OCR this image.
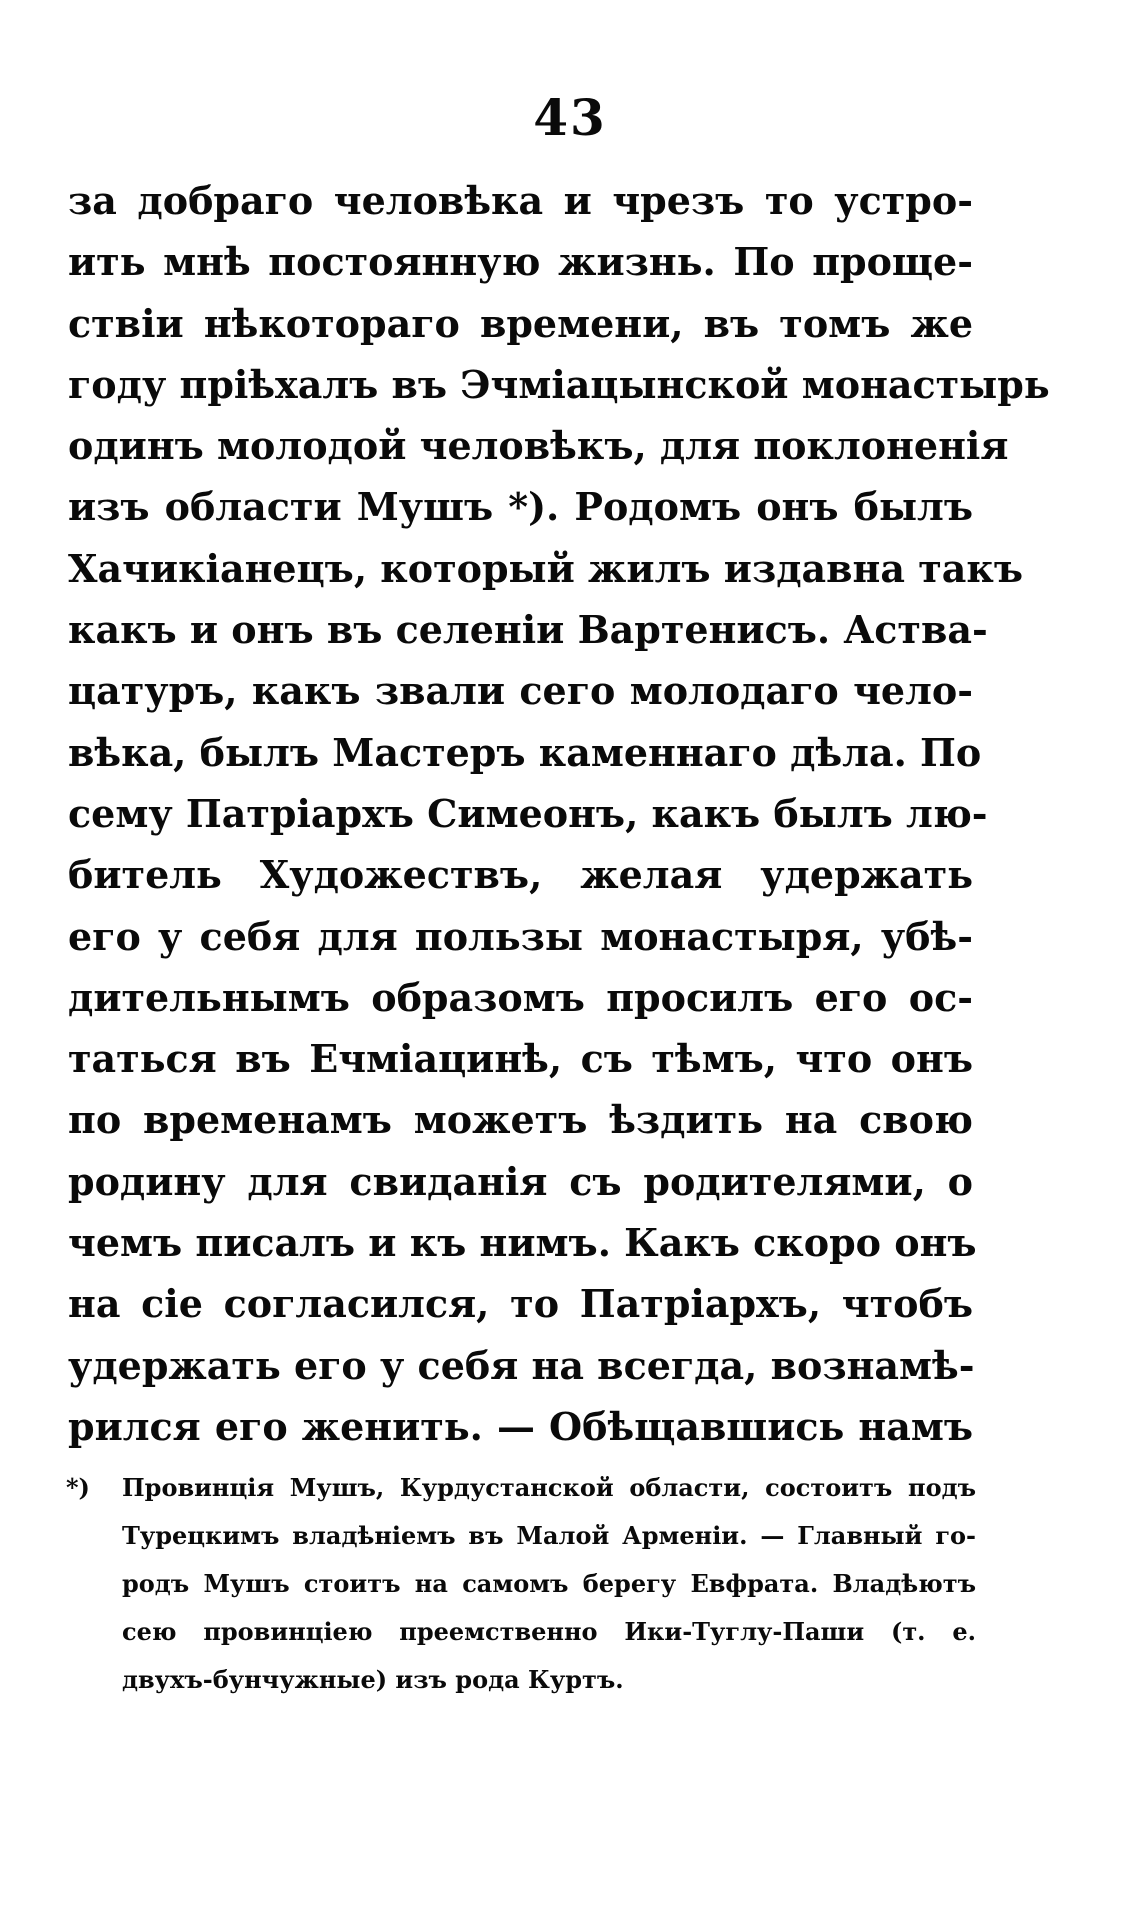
43
за добраго человѣка и чрезъ то устро-
ить мнѣ постоянную жизнь. По проще-
ствіи нѣкотораго времени, въ томъ же
году пріѣхалъ въ Эчміацынской монастырь
одинъ молодой человѣкъ, для поклоненія
изъ области Мушъ *). Родомъ онъ былъ
Хачикіанецъ, который жилъ издавна такъ
какъ и онъ въ селеніи Вартенисъ. Аства-
цатуръ, какъ звали сего молодаго чело-
вѣка, былъ Мастеръ каменнаго дѣла. По
сему Патріархъ Симеонъ, какъ былъ лю-
битель Художествъ, желая удержать
его у себя для пользы монастыря, убѣ-
дительнымъ образомъ просилъ его ос-
таться въ Ечміацинѣ, съ тѣмъ, что онъ
по временамъ можетъ ѣздить на свою
родину для свиданія съ родителями, о
чемъ писалъ и къ нимъ. Какъ скоро онъ
на сіе согласился, то Патріархъ, чтобъ
удержать его у себя на всегда, вознамѣ-
рился его женить. — Обѣщавшись намъ
*) Провинція Мушъ, Курдустанской области, состоитъ подъ
Турецкимъ владѣніемъ въ Малой Арменіи. — Главный го-
родъ Мушъ стоитъ на самомъ берегу Евфрата. Владѣютъ
сею провинціею преемственно Ики-Туглу-Паши (т. е.
двухъ-бунчужные) изъ рода Куртъ.
